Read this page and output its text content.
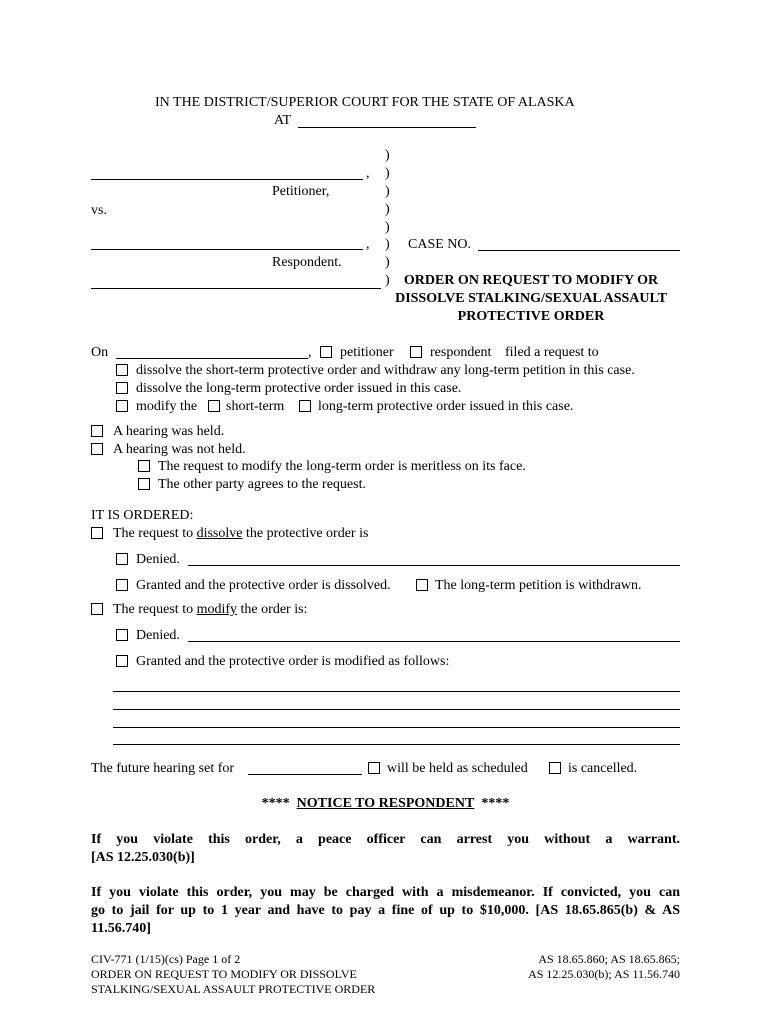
IN THE DISTRICT/SUPERIOR COURT FOR THE STATE OF ALASKA
AT
,
Petitioner,
vs.
,
Respondent.
)
)
)
)
)
)
)
)
CASE NO.
ORDER ON REQUEST TO MODIFY OR
DISSOLVE STALKING/SEXUAL ASSAULT
PROTECTIVE ORDER
On	, petitioner	respondent filed a request to
dissolve the short-term protective order and withdraw any long-term petition in this case.
dissolve the long-term protective order issued in this case.
modify the short-term long-term protective order issued in this case.
A hearing was held.
A hearing was not held.
The request to modify the long-term order is meritless on its face.
The other party agrees to the request.
IT IS ORDERED:
The request to dissolve the protective order is
Denied.
Granted and the protective order is dissolved.	The long-term petition is withdrawn.
The request to modify the order is:
Denied.
Granted and the protective order is modified as follows:
The future hearing set for	will be held as scheduled	is cancelled.
**** NOTICE TO RESPONDENT ****
If you violate this order, a peace officer can arrest you without a warrant.
[AS 12.25.030(b)]
If you violate this order, you may be charged with a misdemeanor. If convicted, you can
go to jail for up to 1 year and have to pay a fine of up to $10,000. [AS 18.65.865(b) & AS
11.56.740]
CIV-771 (1/15)(cs) Page 1 of 2
ORDER ON REQUEST TO MODIFY OR DISSOLVE
STALKING/SEXUAL ASSAULT PROTECTIVE ORDER
AS 18.65.860; AS 18.65.865;
AS 12.25.030(b); AS 11.56.740
